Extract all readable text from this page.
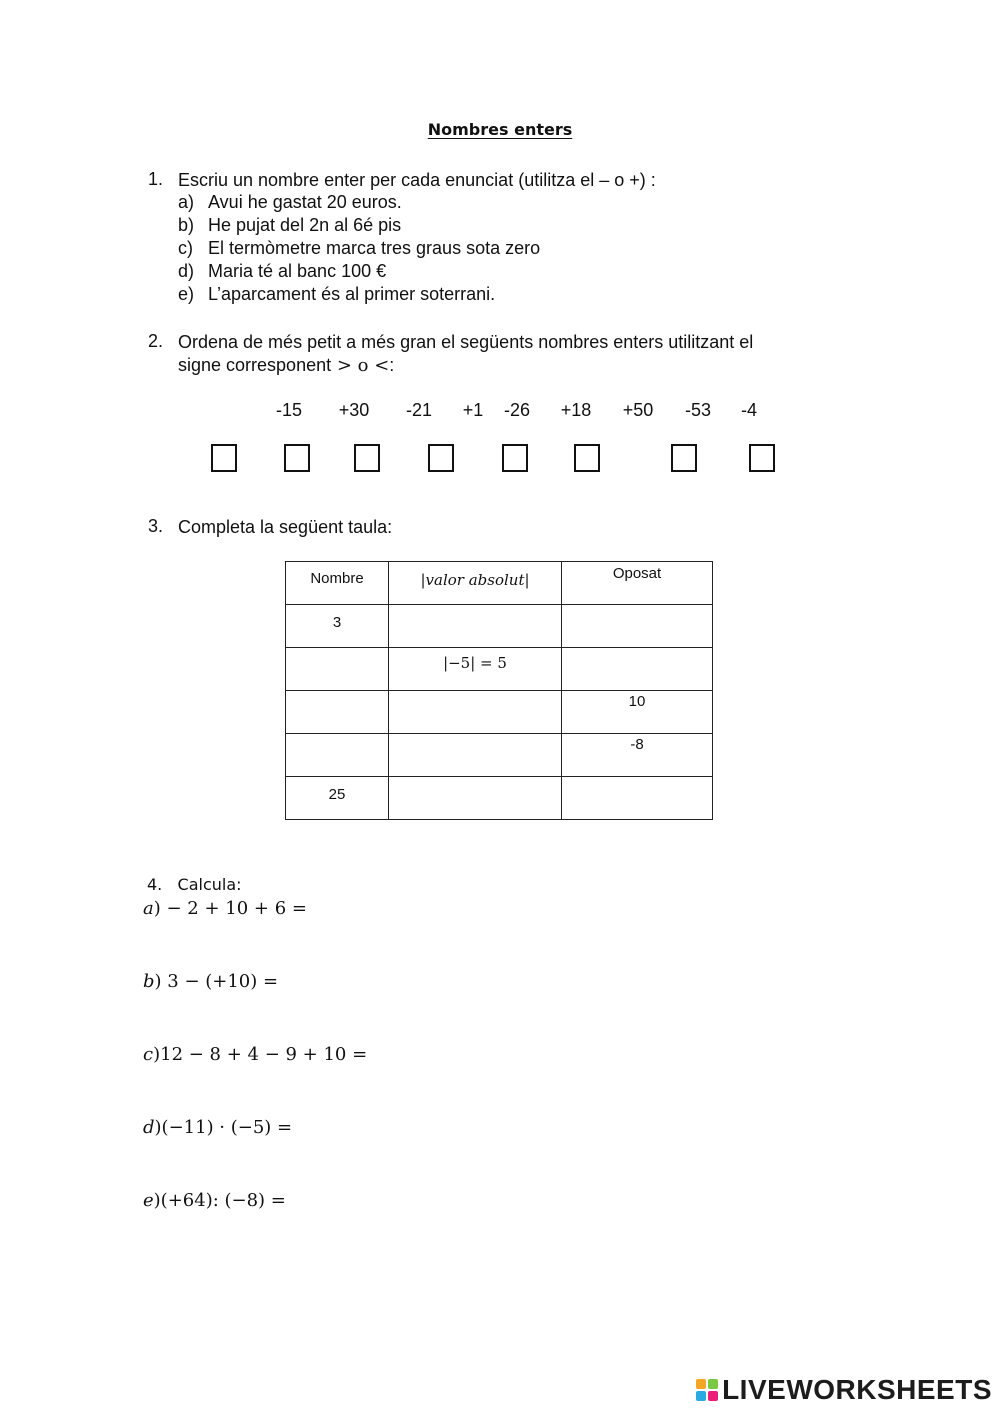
Nombres enters
1. Escriu un nombre enter per cada enunciat (utilitza el – o +) :
a) Avui he gastat 20 euros.
b) He pujat del 2n al 6é pis
c) El termòmetre marca tres graus sota zero
d) Maria té al banc 100 €
e) L’aparcament és al primer soterrani.
2. Ordena de més petit a més gran el següents nombres enters utilitzant el
signe corresponent > o <:
-15 +30 -21 +1 -26 +18 +50 -53 -4
3. Completa la següent taula:
Nombre	|valor absolut|	Oposat

3		

	|−5| = 5	

		10

		-8

25		

4. Calcula:
a) − 2 + 10 + 6 =
b) 3 − (+10) =
c)12 − 8 + 4 − 9 + 10 =
d)(−11) · (−5) =
e)(+64): (−8) =
LIVEWORKSHEETS
